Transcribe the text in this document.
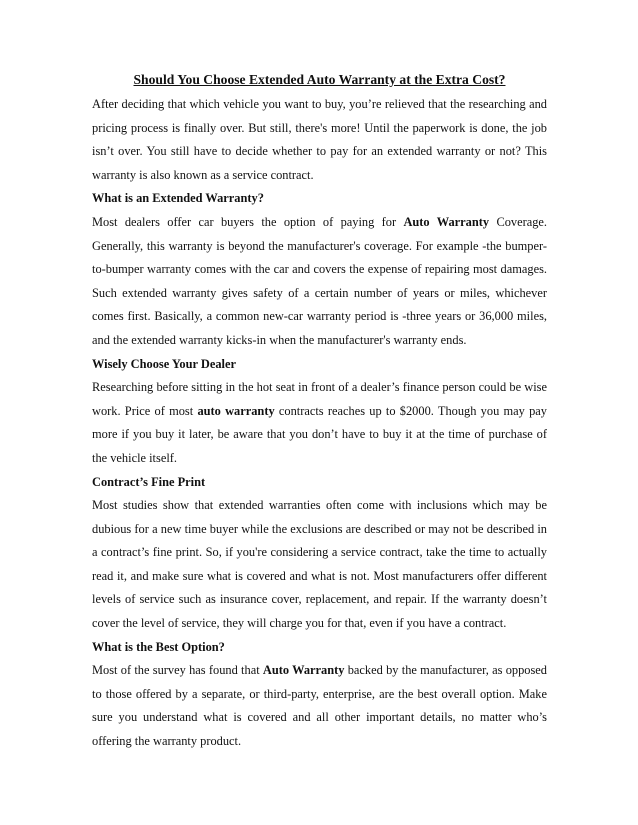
Should You Choose Extended Auto Warranty at the Extra Cost?

After deciding that which vehicle you want to buy, you’re relieved that the researching and pricing process is finally over. But still, there's more! Until the paperwork is done, the job isn’t over. You still have to decide whether to pay for an extended warranty or not? This warranty is also known as a service contract.

What is an Extended Warranty?

Most dealers offer car buyers the option of paying for Auto Warranty Coverage. Generally, this warranty is beyond the manufacturer's coverage. For example -the bumper-to-bumper warranty comes with the car and covers the expense of repairing most damages. Such extended warranty gives safety of a certain number of years or miles, whichever comes first. Basically, a common new-car warranty period is -three years or 36,000 miles, and the extended warranty kicks-in when the manufacturer's warranty ends.

Wisely Choose Your Dealer

Researching before sitting in the hot seat in front of a dealer’s finance person could be wise work. Price of most auto warranty contracts reaches up to $2000. Though you may pay more if you buy it later, be aware that you don’t have to buy it at the time of purchase of the vehicle itself.

Contract’s Fine Print

Most studies show that extended warranties often come with inclusions which may be dubious for a new time buyer while the exclusions are described or may not be described in a contract’s fine print. So, if you're considering a service contract, take the time to actually read it, and make sure what is covered and what is not. Most manufacturers offer different levels of service such as insurance cover, replacement, and repair. If the warranty doesn’t cover the level of service, they will charge you for that, even if you have a contract.

What is the Best Option?

Most of the survey has found that Auto Warranty backed by the manufacturer, as opposed to those offered by a separate, or third-party, enterprise, are the best overall option. Make sure you understand what is covered and all other important details, no matter who’s offering the warranty product.
